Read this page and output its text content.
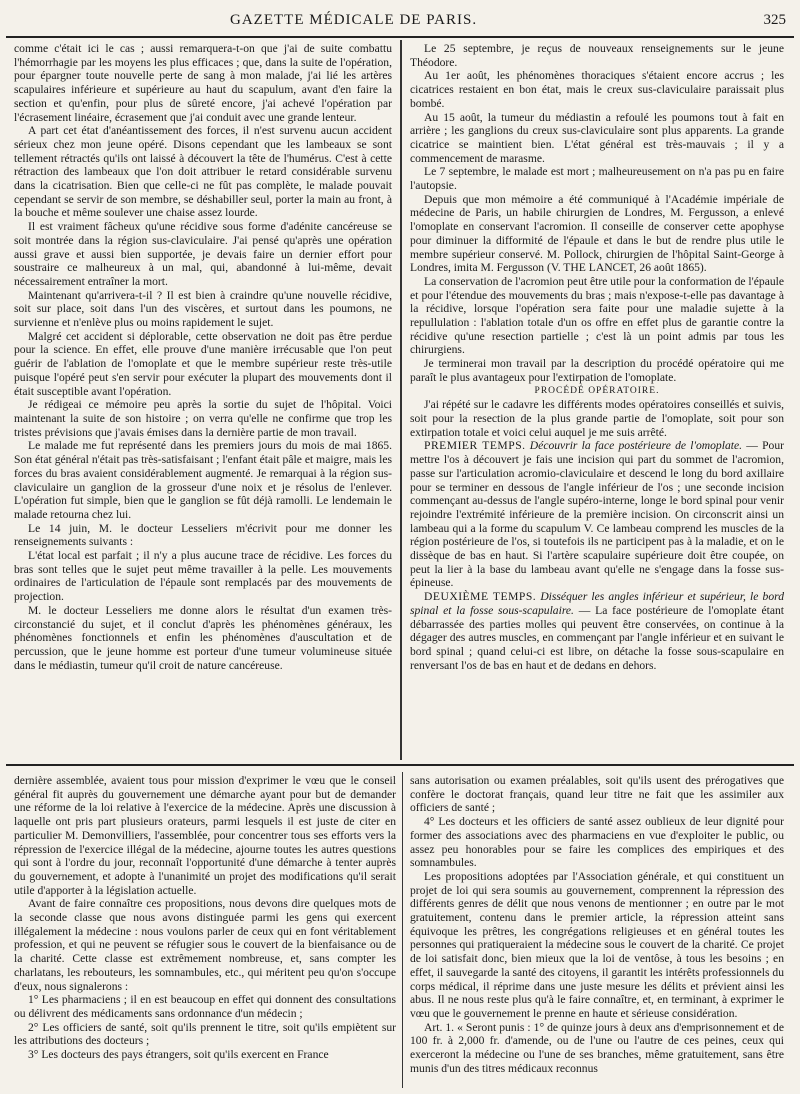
GAZETTE MÉDICALE DE PARIS.	325

comme c'était ici le cas ; aussi remarquera-t-on que j'ai de suite combattu l'hémorrhagie par les moyens les plus efficaces ; que, dans la suite de l'opération, pour épargner toute nouvelle perte de sang à mon malade, j'ai lié les artères scapulaires inférieure et supérieure au haut du scapulum, avant d'en faire la section et qu'enfin, pour plus de sûreté encore, j'ai achevé l'opération par l'écrasement linéaire, écrasement que j'ai conduit avec une grande lenteur.

A part cet état d'anéantissement des forces, il n'est survenu aucun accident sérieux chez mon jeune opéré. Disons cependant que les lambeaux se sont tellement rétractés qu'ils ont laissé à découvert la tête de l'humérus. C'est à cette rétraction des lambeaux que l'on doit attribuer le retard considérable survenu dans la cicatrisation. Bien que celle-ci ne fût pas complète, le malade pouvait cependant se servir de son membre, se déshabiller seul, porter la main au front, à la bouche et même soulever une chaise assez lourde.

Il est vraiment fâcheux qu'une récidive sous forme d'adénite cancéreuse se soit montrée dans la région sus-claviculaire. J'ai pensé qu'après une opération aussi grave et aussi bien supportée, je devais faire un dernier effort pour soustraire ce malheureux à un mal, qui, abandonné à lui-même, devait nécessairement entraîner la mort.

Maintenant qu'arrivera-t-il ? Il est bien à craindre qu'une nouvelle récidive, soit sur place, soit dans l'un des viscères, et surtout dans les poumons, ne survienne et n'enlève plus ou moins rapidement le sujet.

Malgré cet accident si déplorable, cette observation ne doit pas être perdue pour la science. En effet, elle prouve d'une manière irrécusable que l'on peut guérir de l'ablation de l'omoplate et que le membre supérieur reste très-utile puisque l'opéré peut s'en servir pour exécuter la plupart des mouvements dont il était susceptible avant l'opération.

Je rédigeai ce mémoire peu après la sortie du sujet de l'hôpital. Voici maintenant la suite de son histoire ; on verra qu'elle ne confirme que trop les tristes prévisions que j'avais émises dans la dernière partie de mon travail.

Le malade me fut représenté dans les premiers jours du mois de mai 1865. Son état général n'était pas très-satisfaisant ; l'enfant était pâle et maigre, mais les forces du bras avaient considérablement augmenté. Je remarquai à la région sus-claviculaire un ganglion de la grosseur d'une noix et je résolus de l'enlever. L'opération fut simple, bien que le ganglion se fût déjà ramolli. Le lendemain le malade retourna chez lui.

Le 14 juin, M. le docteur Lesseliers m'écrivit pour me donner les renseignements suivants :

L'état local est parfait ; il n'y a plus aucune trace de récidive. Les forces du bras sont telles que le sujet peut même travailler à la pelle. Les mouvements ordinaires de l'articulation de l'épaule sont remplacés par des mouvements de projection.

M. le docteur Lesseliers me donne alors le résultat d'un examen très-circonstancié du sujet, et il conclut d'après les phénomènes généraux, les phénomènes fonctionnels et enfin les phénomènes d'auscultation et de percussion, que le jeune homme est porteur d'une tumeur volumineuse située dans le médiastin, tumeur qu'il croit de nature cancéreuse.

Le 25 septembre, je reçus de nouveaux renseignements sur le jeune Théodore.

Au 1er août, les phénomènes thoraciques s'étaient encore accrus ; les cicatrices restaient en bon état, mais le creux sus-claviculaire paraissait plus bombé.

Au 15 août, la tumeur du médiastin a refoulé les poumons tout à fait en arrière ; les ganglions du creux sus-claviculaire sont plus apparents. La grande cicatrice se maintient bien. L'état général est très-mauvais ; il y a commencement de marasme.

Le 7 septembre, le malade est mort ; malheureusement on n'a pas pu en faire l'autopsie.

Depuis que mon mémoire a été communiqué à l'Académie impériale de médecine de Paris, un habile chirurgien de Londres, M. Fergusson, a enlevé l'omoplate en conservant l'acromion. Il conseille de conserver cette apophyse pour diminuer la difformité de l'épaule et dans le but de rendre plus utile le membre supérieur conservé. M. Pollock, chirurgien de l'hôpital Saint-George à Londres, imita M. Fergusson (V. THE LANCET, 26 août 1865).

La conservation de l'acromion peut être utile pour la conformation de l'épaule et pour l'étendue des mouvements du bras ; mais n'expose-t-elle pas davantage à la récidive, lorsque l'opération sera faite pour une maladie sujette à la repullulation : l'ablation totale d'un os offre en effet plus de garantie contre la récidive qu'une resection partielle ; c'est là un point admis par tous les chirurgiens.

Je terminerai mon travail par la description du procédé opératoire qui me paraît le plus avantageux pour l'extirpation de l'omoplate.

PROCÉDÉ OPÉRATOIRE.

J'ai répété sur le cadavre les différents modes opératoires conseillés et suivis, soit pour la resection de la plus grande partie de l'omoplate, soit pour son extirpation totale et voici celui auquel je me suis arrêté.

PREMIER TEMPS. Découvrir la face postérieure de l'omoplate. — Pour mettre l'os à découvert je fais une incision qui part du sommet de l'acromion, passe sur l'articulation acromio-claviculaire et descend le long du bord axillaire pour se terminer en dessous de l'angle inférieur de l'os ; une seconde incision commençant au-dessus de l'angle supéro-interne, longe le bord spinal pour venir rejoindre l'extrémité inférieure de la première incision. On circonscrit ainsi un lambeau qui a la forme du scapulum V. Ce lambeau comprend les muscles de la région postérieure de l'os, si toutefois ils ne participent pas à la maladie, et on le dissèque de bas en haut. Si l'artère scapulaire supérieure doit être coupée, on peut la lier à la base du lambeau avant qu'elle ne s'engage dans la fosse sus-épineuse.

DEUXIÈME TEMPS. Disséquer les angles inférieur et supérieur, le bord spinal et la fosse sous-scapulaire. — La face postérieure de l'omoplate étant débarrassée des parties molles qui peuvent être conservées, on continue à la dégager des autres muscles, en commençant par l'angle inférieur et en suivant le bord spinal ; quand celui-ci est libre, on détache la fosse sous-scapulaire en renversant l'os de bas en haut et de dedans en dehors.

dernière assemblée, avaient tous pour mission d'exprimer le vœu que le conseil général fit auprès du gouvernement une démarche ayant pour but de demander une réforme de la loi relative à l'exercice de la médecine. Après une discussion à laquelle ont pris part plusieurs orateurs, parmi lesquels il est juste de citer en particulier M. Demonvilliers, l'assemblée, pour concentrer tous ses efforts vers la répression de l'exercice illégal de la médecine, ajourne toutes les autres questions qui sont à l'ordre du jour, reconnaît l'opportunité d'une démarche à tenter auprès du gouvernement, et adopte à l'unanimité un projet des modifications qu'il serait utile d'apporter à la législation actuelle.

Avant de faire connaître ces propositions, nous devons dire quelques mots de la seconde classe que nous avons distinguée parmi les gens qui exercent illégalement la médecine : nous voulons parler de ceux qui en font véritablement profession, et qui ne peuvent se réfugier sous le couvert de la bienfaisance ou de la charité. Cette classe est extrêmement nombreuse, et, sans compter les charlatans, les rebouteurs, les somnambules, etc., qui méritent peu qu'on s'occupe d'eux, nous signalerons :

1° Les pharmaciens ; il en est beaucoup en effet qui donnent des consultations ou délivrent des médicaments sans ordonnance d'un médecin ;

2° Les officiers de santé, soit qu'ils prennent le titre, soit qu'ils empiètent sur les attributions des docteurs ;

3° Les docteurs des pays étrangers, soit qu'ils exercent en France

sans autorisation ou examen préalables, soit qu'ils usent des prérogatives que confère le doctorat français, quand leur titre ne fait que les assimiler aux officiers de santé ;

4° Les docteurs et les officiers de santé assez oublieux de leur dignité pour former des associations avec des pharmaciens en vue d'exploiter le public, ou assez peu honorables pour se faire les complices des empiriques et des somnambules.

Les propositions adoptées par l'Association générale, et qui constituent un projet de loi qui sera soumis au gouvernement, comprennent la répression des différents genres de délit que nous venons de mentionner ; en outre par le mot gratuitement, contenu dans le premier article, la répression atteint sans équivoque les prêtres, les congrégations religieuses et en général toutes les personnes qui pratiqueraient la médecine sous le couvert de la charité. Ce projet de loi satisfait donc, bien mieux que la loi de ventôse, à tous les besoins ; en effet, il sauvegarde la santé des citoyens, il garantit les intérêts professionnels du corps médical, il réprime dans une juste mesure les délits et prévient ainsi les abus. Il ne nous reste plus qu'à le faire connaître, et, en terminant, à exprimer le vœu que le gouvernement le prenne en haute et sérieuse considération.

Art. 1. « Seront punis : 1° de quinze jours à deux ans d'emprisonnement et de 100 fr. à 2,000 fr. d'amende, ou de l'une ou l'autre de ces peines, ceux qui exerceront la médecine ou l'une de ses branches, même gratuitement, sans être munis d'un des titres médicaux reconnus
